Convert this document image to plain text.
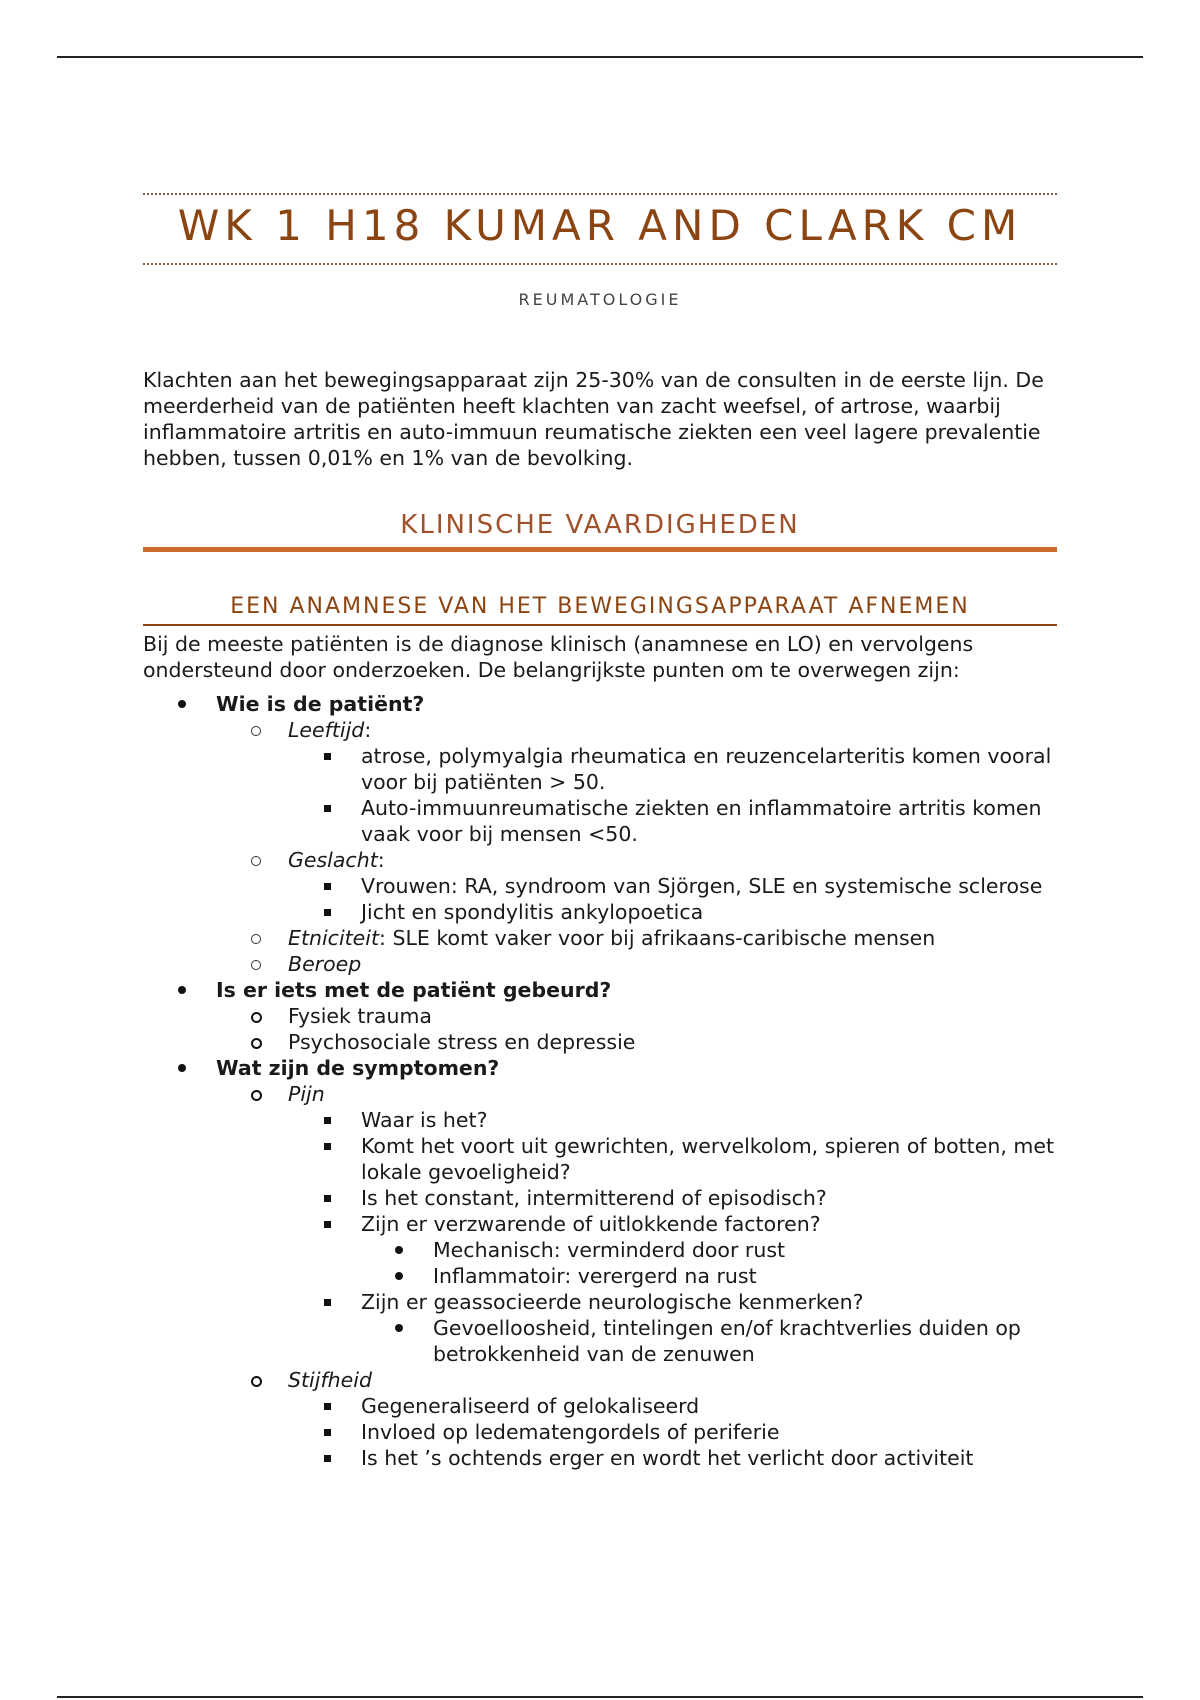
WK 1 H18 KUMAR AND CLARK CM
REUMATOLOGIE

Klachten aan het bewegingsapparaat zijn 25-30% van de consulten in de eerste lijn. De meerderheid van de patiënten heeft klachten van zacht weefsel, of artrose, waarbij inflammatoire artritis en auto-immuun reumatische ziekten een veel lagere prevalentie hebben, tussen 0,01% en 1% van de bevolking.

KLINISCHE VAARDIGHEDEN
EEN ANAMNESE VAN HET BEWEGINGSAPPARAAT AFNEMEN

Bij de meeste patiënten is de diagnose klinisch (anamnese en LO) en vervolgens ondersteund door onderzoeken. De belangrijkste punten om te overwegen zijn:

Wie is de patiënt?
Leeftijd:
atrose, polymyalgia rheumatica en reuzencelarteritis komen vooral voor bij patiënten > 50.
Auto-immuunreumatische ziekten en inflammatoire artritis komen vaak voor bij mensen <50.
Geslacht:
Vrouwen: RA, syndroom van Sjörgen, SLE en systemische sclerose
Jicht en spondylitis ankylopoetica
Etniciteit: SLE komt vaker voor bij afrikaans-caribische mensen
Beroep
Is er iets met de patiënt gebeurd?
Fysiek trauma
Psychosociale stress en depressie
Wat zijn de symptomen?
Pijn
Waar is het?
Komt het voort uit gewrichten, wervelkolom, spieren of botten, met lokale gevoeligheid?
Is het constant, intermitterend of episodisch?
Zijn er verzwarende of uitlokkende factoren?
Mechanisch: verminderd door rust
Inflammatoir: verergerd na rust
Zijn er geassocieerde neurologische kenmerken?
Gevoelloosheid, tintelingen en/of krachtverlies duiden op betrokkenheid van de zenuwen
Stijfheid
Gegeneraliseerd of gelokaliseerd
Invloed op ledematengordels of periferie
Is het ’s ochtends erger en wordt het verlicht door activiteit
